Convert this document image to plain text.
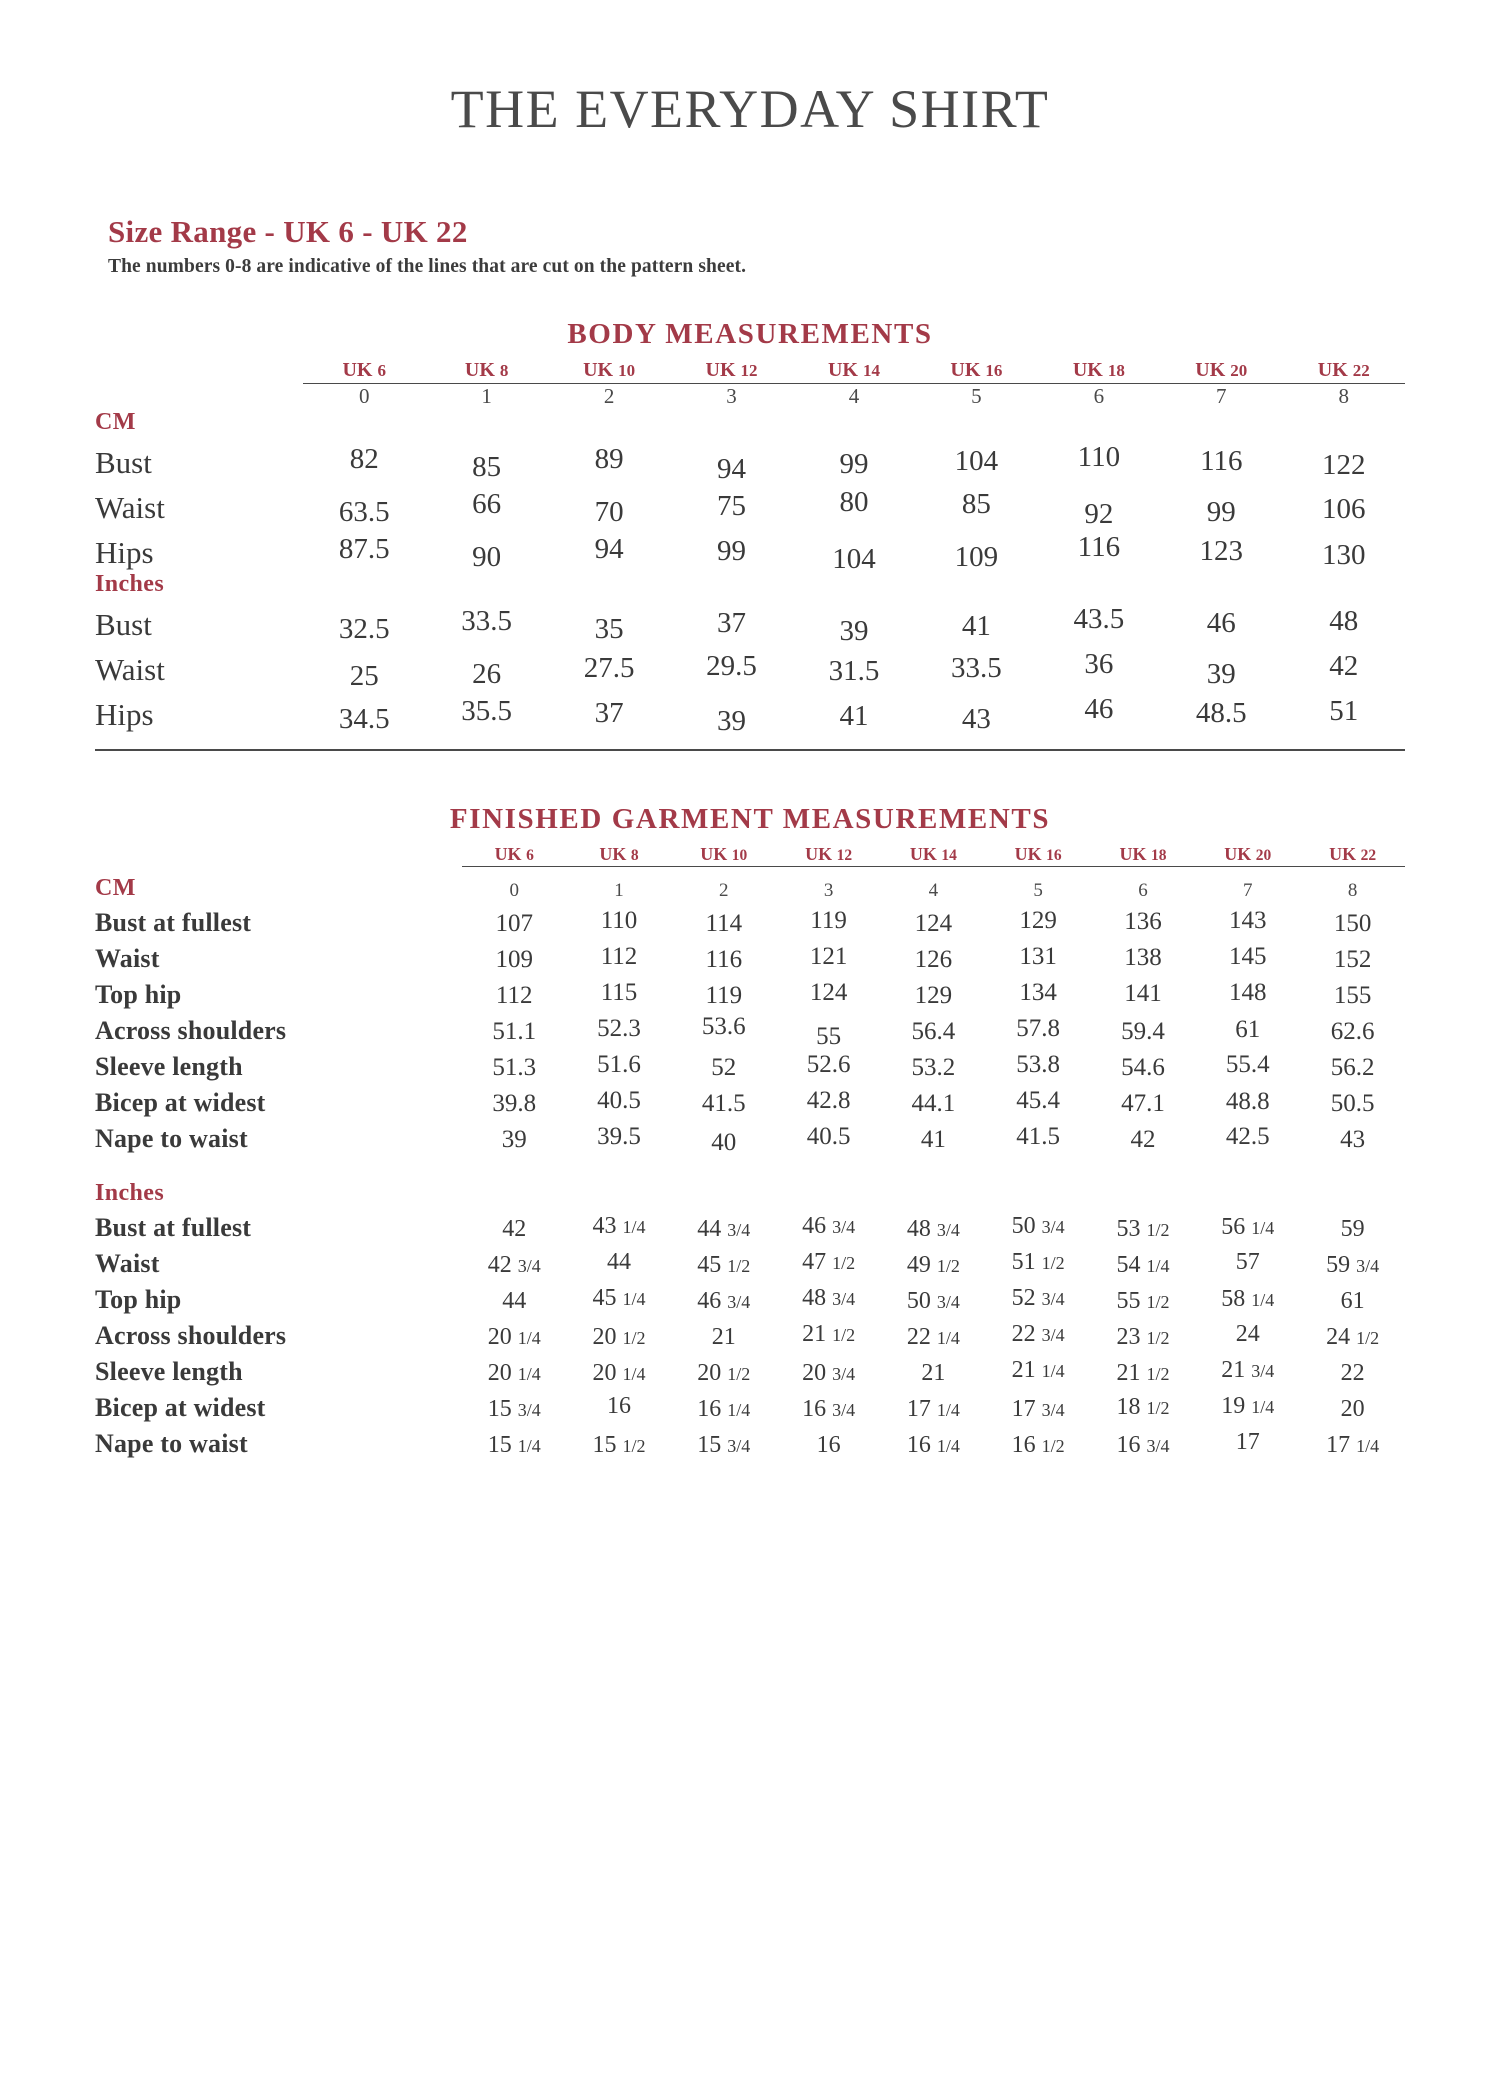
THE EVERYDAY SHIRT
Size Range - UK 6 - UK 22
The numbers 0-8 are indicative of the lines that are cut on the pattern sheet.
BODY MEASUREMENTS
	UK 6	UK 8	UK 10	UK 12	UK 14	UK 16	UK 18	UK 20	UK 22

	0	1	2	3	4	5	6	7	8
CM									
Bust	82	85	89	94	99	104	110	116	122
Waist	63.5	66	70	75	80	85	92	99	106
Hips	87.5	90	94	99	104	109	116	123	130
Inches									
Bust	32.5	33.5	35	37	39	41	43.5	46	48
Waist	25	26	27.5	29.5	31.5	33.5	36	39	42
Hips	34.5	35.5	37	39	41	43	46	48.5	51
FINISHED GARMENT MEASUREMENTS
	UK 6	UK 8	UK 10	UK 12	UK 14	UK 16	UK 18	UK 20	UK 22

CM	0	1	2	3	4	5	6	7	8
Bust at fullest	107	110	114	119	124	129	136	143	150
Waist	109	112	116	121	126	131	138	145	152
Top hip	112	115	119	124	129	134	141	148	155
Across shoulders	51.1	52.3	53.6	55	56.4	57.8	59.4	61	62.6
Sleeve length	51.3	51.6	52	52.6	53.2	53.8	54.6	55.4	56.2
Bicep at widest	39.8	40.5	41.5	42.8	44.1	45.4	47.1	48.8	50.5
Nape to waist	39	39.5	40	40.5	41	41.5	42	42.5	43

Inches									
Bust at fullest	42	43 1/4	44 3/4	46 3/4	48 3/4	50 3/4	53 1/2	56 1/4	59
Waist	42 3/4	44	45 1/2	47 1/2	49 1/2	51 1/2	54 1/4	57	59 3/4
Top hip	44	45 1/4	46 3/4	48 3/4	50 3/4	52 3/4	55 1/2	58 1/4	61
Across shoulders	20 1/4	20 1/2	21	21 1/2	22 1/4	22 3/4	23 1/2	24	24 1/2
Sleeve length	20 1/4	20 1/4	20 1/2	20 3/4	21	21 1/4	21 1/2	21 3/4	22
Bicep at widest	15 3/4	16	16 1/4	16 3/4	17 1/4	17 3/4	18 1/2	19 1/4	20
Nape to waist	15 1/4	15 1/2	15 3/4	16	16 1/4	16 1/2	16 3/4	17	17 1/4
